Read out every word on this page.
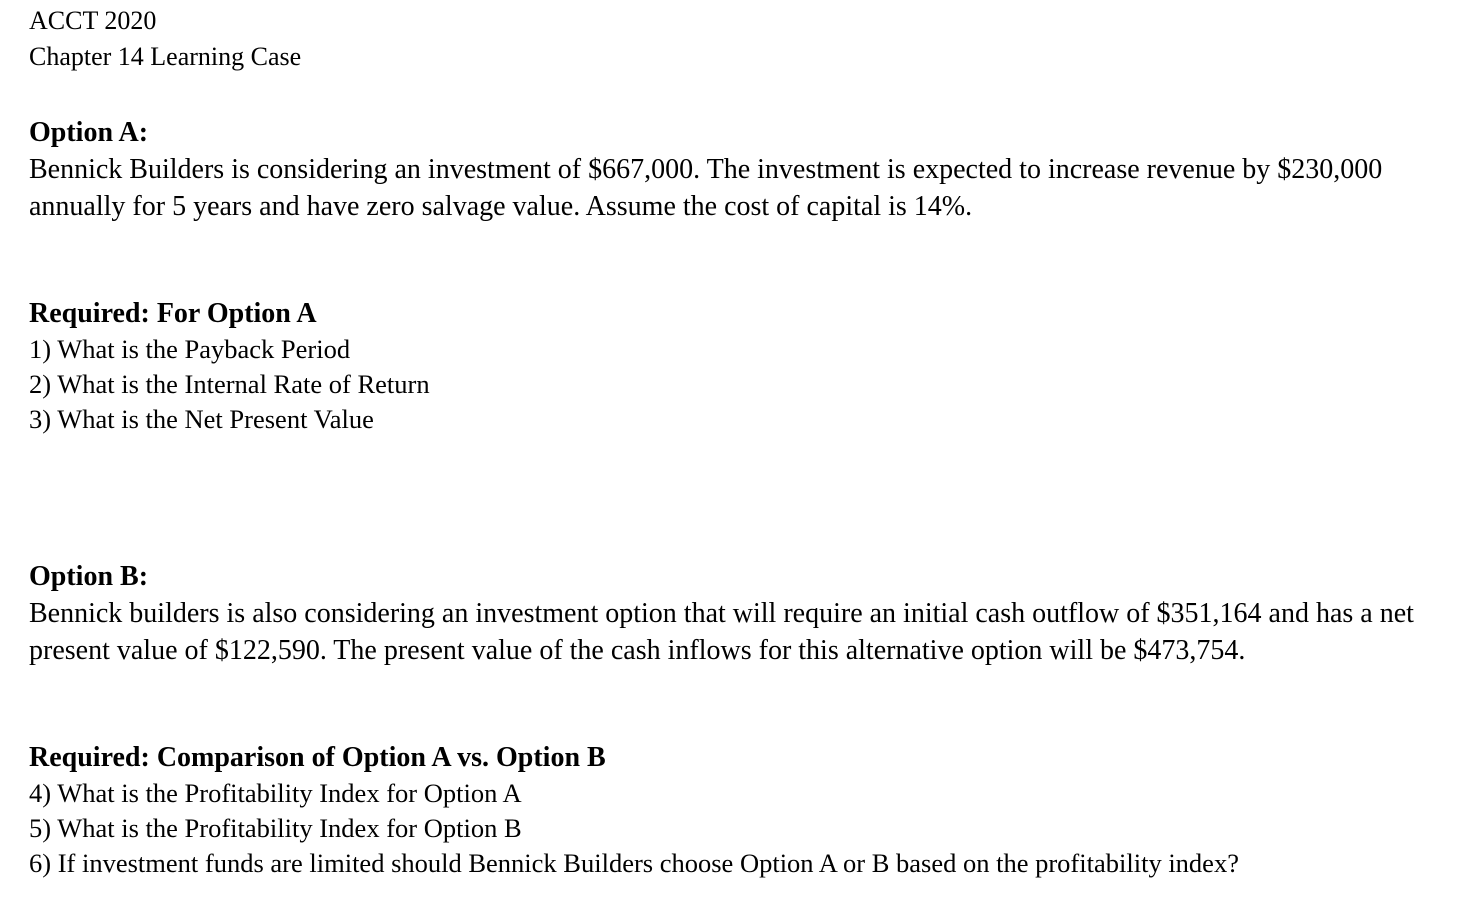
ACCT 2020
Chapter 14 Learning Case
Option A:

Bennick Builders is considering an investment of $667,000. The investment is expected to increase revenue by $230,000 annually for 5 years and have zero salvage value. Assume the cost of capital is 14%.

Required: For Option A
1) What is the Payback Period
2) What is the Internal Rate of Return
3) What is the Net Present Value
Option B:

Bennick builders is also considering an investment option that will require an initial cash outflow of $351,164 and has a net present value of $122,590. The present value of the cash inflows for this alternative option will be $473,754.

Required: Comparison of Option A vs. Option B
4) What is the Profitability Index for Option A
5) What is the Profitability Index for Option B
6) If investment funds are limited should Bennick Builders choose Option A or B based on the profitability index?
